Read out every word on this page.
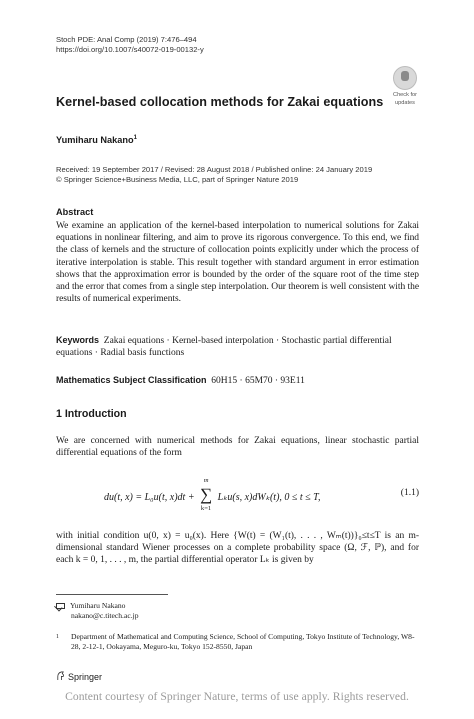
Stoch PDE: Anal Comp (2019) 7:476–494
https://doi.org/10.1007/s40072-019-00132-y
Check for
updates
Kernel-based collocation methods for Zakai equations
Yumiharu Nakano$^1$
Received: 19 September 2017 / Revised: 28 August 2018 / Published online: 24 January 2019
© Springer Science+Business Media, LLC, part of Springer Nature 2019
Abstract
We examine an application of the kernel-based interpolation to numerical solutions for Zakai equations in nonlinear filtering, and aim to prove its rigorous convergence. To this end, we find the class of kernels and the structure of collocation points explicitly under which the process of iterative interpolation is stable. This result together with standard argument in error estimation shows that the approximation error is bounded by the order of the square root of the time step and the error that comes from a single step interpolation. Our theorem is well consistent with the results of numerical experiments.
Keywords Zakai equations · Kernel-based interpolation · Stochastic partial differential equations · Radial basis functions
Mathematics Subject Classification 60H15 · 65M70 · 93E11
1 Introduction
We are concerned with numerical methods for Zakai equations, linear stochastic partial differential equations of the form
du(t, x) = L₀u(t, x)dt +
m
∑
k=1
Lₖu(s, x)dWₖ(t), 0 ≤ t ≤ T,	(1.1)
with initial condition u(0, x) = u₀(x). Here {W(t) = (W₁(t), . . . , Wₘ(t))}₀≤t≤T is an m-dimensional standard Wiener processes on a complete probability space (Ω, ℱ, ℙ), and for each k = 0, 1, . . . , m, the partial differential operator Lₖ is given by
Yumiharu Nakano
nakano@c.titech.ac.jp
1	Department of Mathematical and Computing Science, School of Computing, Tokyo Institute of Technology, W8-28, 2-12-1, Ookayama, Meguro-ku, Tokyo 152-8550, Japan
Springer
Content courtesy of Springer Nature, terms of use apply. Rights reserved.
